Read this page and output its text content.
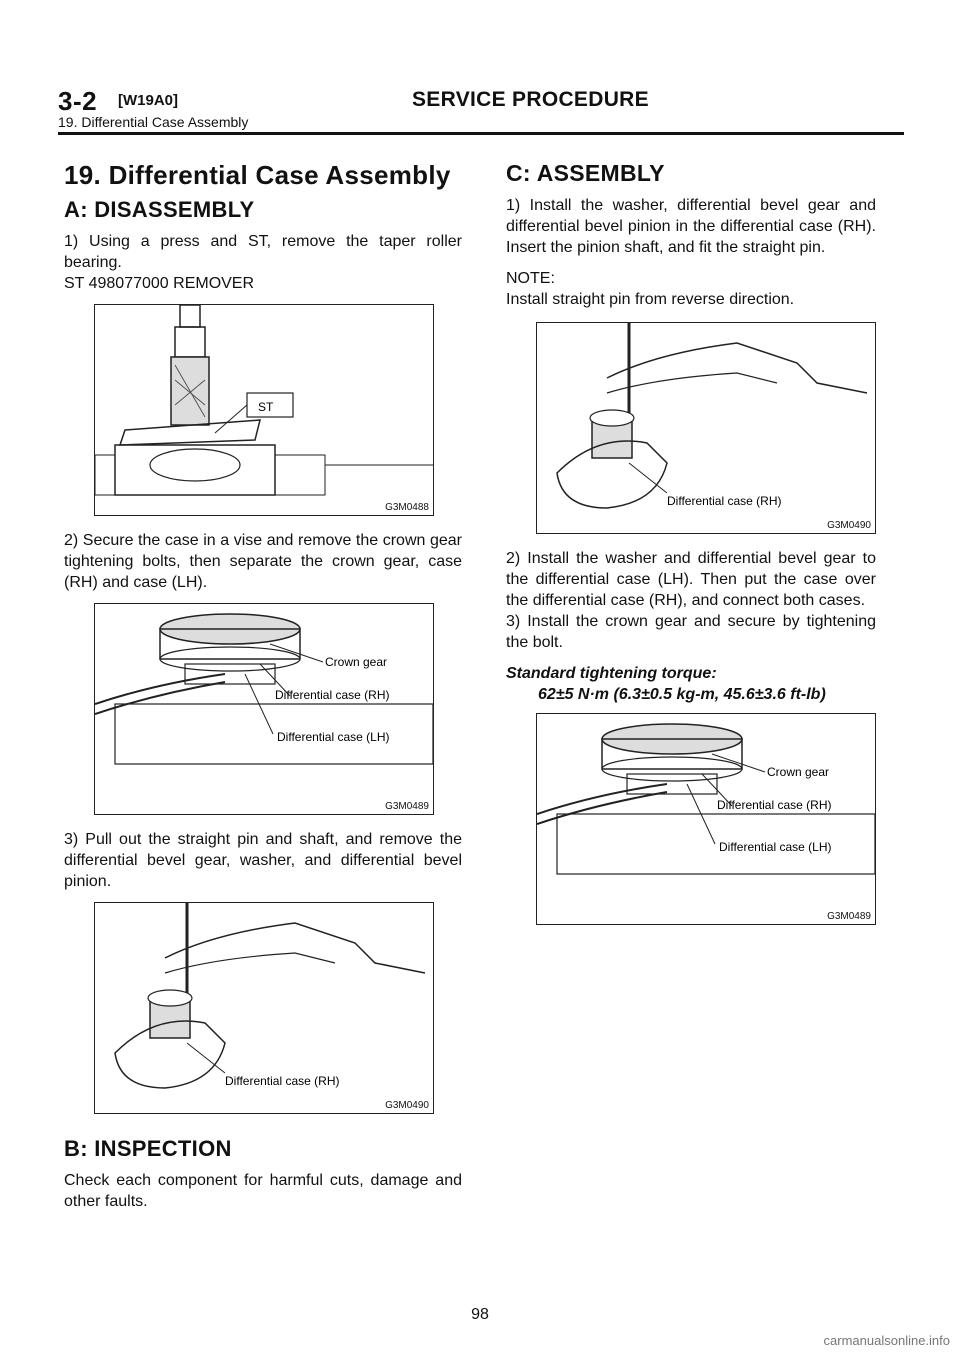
3-2 [W19A0]	SERVICE PROCEDURE
19. Differential Case Assembly
19. Differential Case Assembly
A: DISASSEMBLY

1) Using a press and ST, remove the taper roller bearing.

ST 498077000 REMOVER
ST
G3M0488

2) Secure the case in a vise and remove the crown gear tightening bolts, then separate the crown gear, case (RH) and case (LH).

Crown gear
Differential case (RH)
Differential case (LH)
G3M0489

3) Pull out the straight pin and shaft, and remove the differential bevel gear, washer, and differential bevel pinion.

Differential case (RH)
G3M0490
B: INSPECTION

Check each component for harmful cuts, damage and other faults.

C: ASSEMBLY

1) Install the washer, differential bevel gear and differential bevel pinion in the differential case (RH). Insert the pinion shaft, and fit the straight pin.

NOTE:
Install straight pin from reverse direction.
Differential case (RH)
G3M0490

2) Install the washer and differential bevel gear to the differential case (LH). Then put the case over the differential case (RH), and connect both cases.

3) Install the crown gear and secure by tightening the bolt.

Standard tightening torque:
62±5 N·m (6.3±0.5 kg-m, 45.6±3.6 ft-lb)
Crown gear
Differential case (RH)
Differential case (LH)
G3M0489
98
carmanualsonline.info
